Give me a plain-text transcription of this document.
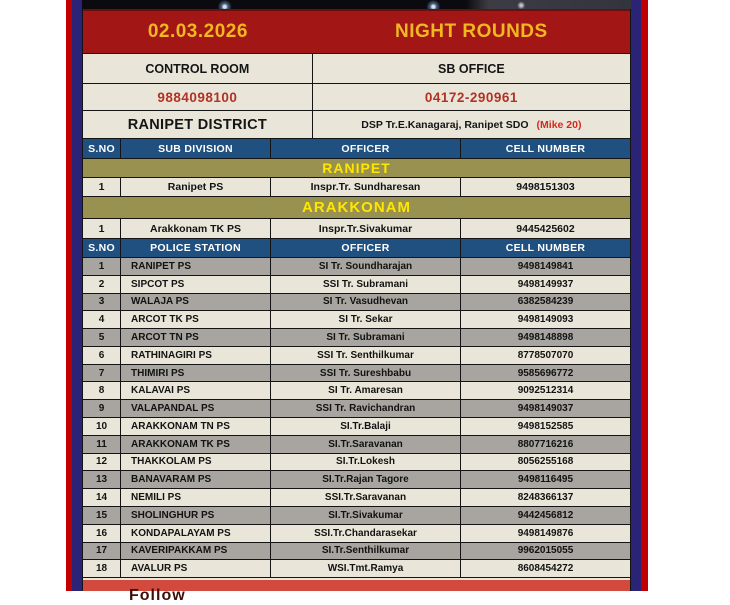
02.03.2026	NIGHT ROUNDS
CONTROL ROOM	SB OFFICE
9884098100	04172-290961
RANIPET DISTRICT	DSP Tr.E.Kanagaraj, Ranipet SDO (Mike 20)
S.NO	SUB DIVISION	OFFICER	CELL NUMBER
RANIPET
1	Ranipet PS	Inspr.Tr. Sundharesan	9498151303
ARAKKONAM
1	Arakkonam TK PS	Inspr.Tr.Sivakumar	9445425602
S.NO	POLICE STATION	OFFICER	CELL NUMBER
1	RANIPET PS	SI Tr. Soundharajan	9498149841
2	SIPCOT PS	SSI Tr. Subramani	9498149937
3	WALAJA PS	SI Tr. Vasudhevan	6382584239
4	ARCOT TK PS	SI Tr. Sekar	9498149093
5	ARCOT TN PS	SI Tr. Subramani	9498148898
6	RATHINAGIRI PS	SSI Tr. Senthilkumar	8778507070
7	THIMIRI PS	SSI Tr. Sureshbabu	9585696772
8	KALAVAI PS	SI Tr. Amaresan	9092512314
9	VALAPANDAL PS	SSI Tr. Ravichandran	9498149037
10	ARAKKONAM TN PS	SI.Tr.Balaji	9498152585
11	ARAKKONAM TK PS	SI.Tr.Saravanan	8807716216
12	THAKKOLAM PS	SI.Tr.Lokesh	8056255168
13	BANAVARAM PS	SI.Tr.Rajan Tagore	9498116495
14	NEMILI PS	SSI.Tr.Saravanan	8248366137
15	SHOLINGHUR PS	SI.Tr.Sivakumar	9442456812
16	KONDAPALAYAM PS	SSI.Tr.Chandarasekar	9498149876
17	KAVERIPAKKAM PS	SI.Tr.Senthilkumar	9962015055
18	AVALUR PS	WSI.Tmt.Ramya	8608454272
Follow
